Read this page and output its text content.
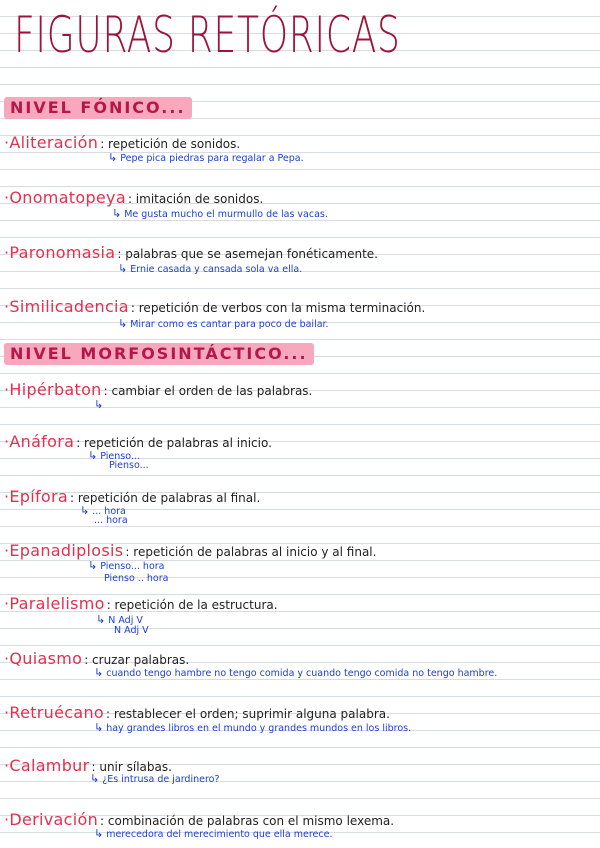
FIGURAS RETÓRICAS
NIVEL FÓNICO...
NIVEL MORFOSINTÁCTICO...
·Aliteración : repetición de sonidos.
↳ Pepe pica piedras para regalar a Pepa.
·Onomatopeya : imitación de sonidos.
↳ Me gusta mucho el murmullo de las vacas.
·Paronomasia : palabras que se asemejan fonéticamente.
↳ Ernie casada y cansada sola va ella.
·Similicadencia : repetición de verbos con la misma terminación.
↳ Mirar como es cantar para poco de bailar.
·Hipérbaton : cambiar el orden de las palabras.
↳
·Anáfora : repetición de palabras al inicio.
↳ Pienso...
Pienso...
·Epífora : repetición de palabras al final.
↳ ... hora
... hora
·Epanadiplosis : repetición de palabras al inicio y al final.
↳ Pienso... hora
Pienso .. hora
·Paralelismo : repetición de la estructura.
↳ N Adj V
N Adj V
·Quiasmo : cruzar palabras.
↳ cuando tengo hambre no tengo comida y cuando tengo comida no tengo hambre.
·Retruécano : restablecer el orden; suprimir alguna palabra.
↳ hay grandes libros en el mundo y grandes mundos en los libros.
·Calambur : unir sílabas.
↳ ¿Es intrusa de jardinero?
·Derivación : combinación de palabras con el mismo lexema.
↳ merecedora del merecimiento que ella merece.
